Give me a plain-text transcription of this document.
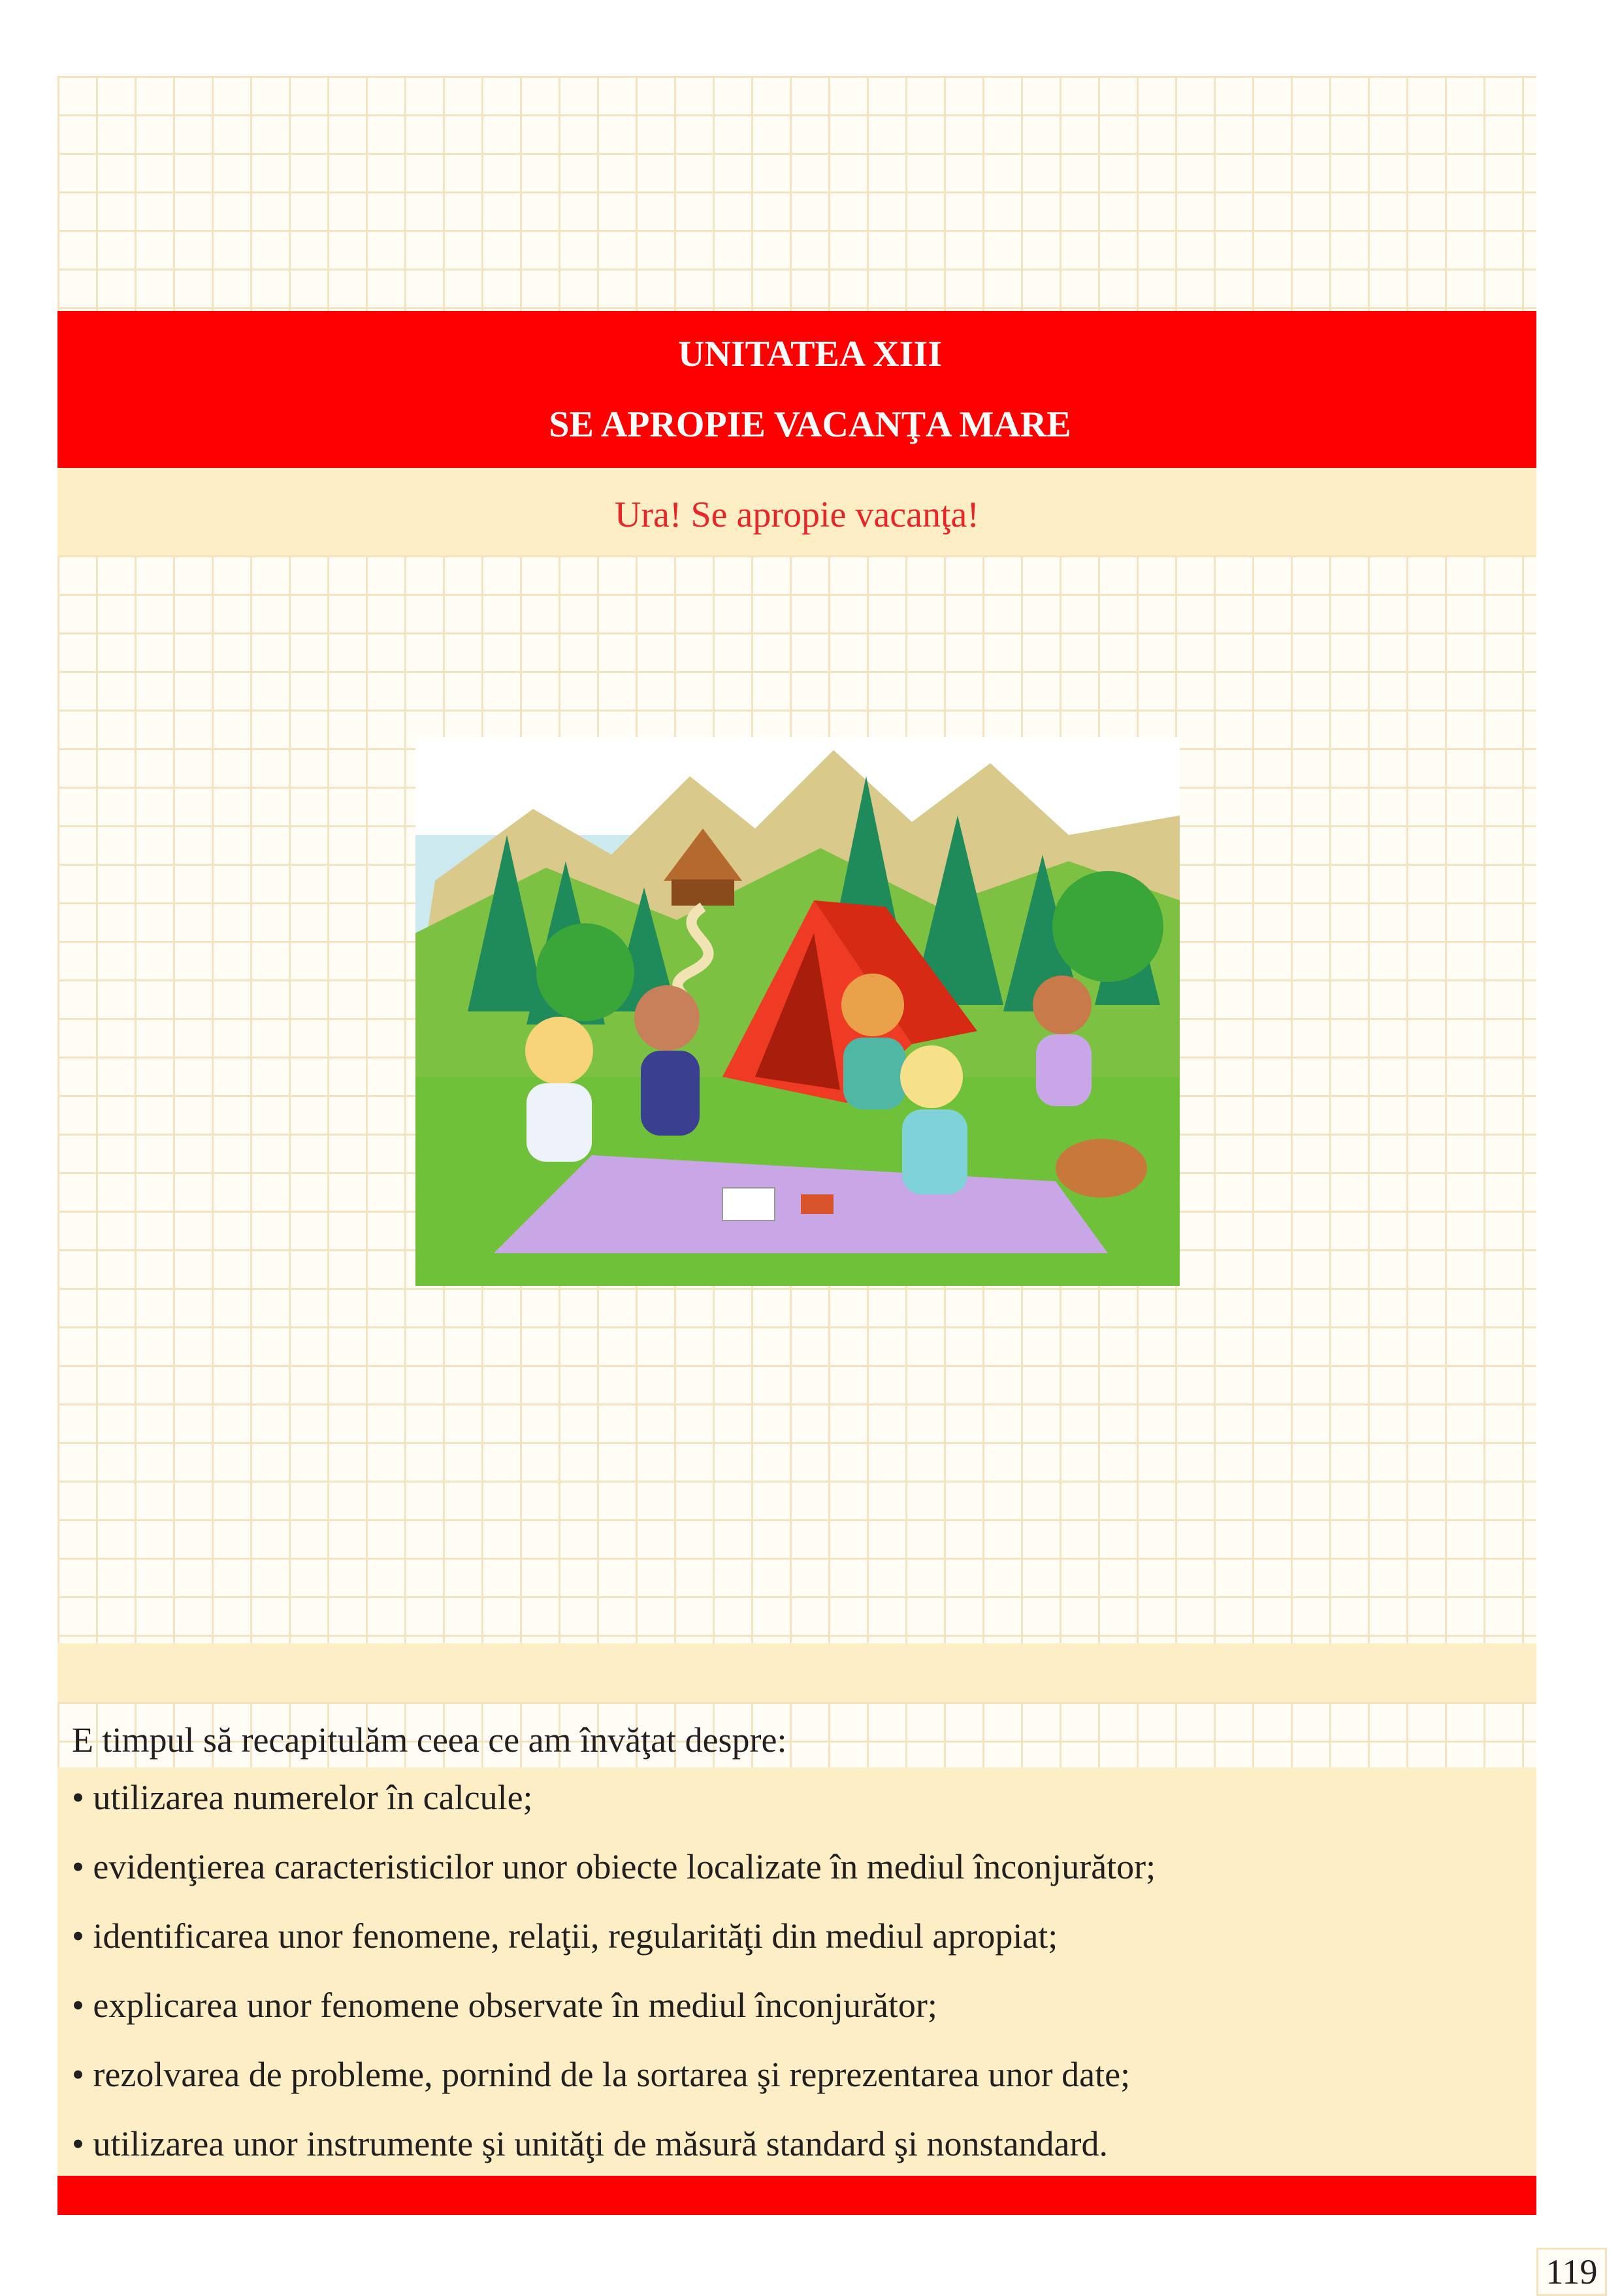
UNITATEA XIII
SE APROPIE VACANŢA MARE
Ura! Se apropie vacanţa!
E timpul să recapitulăm ceea ce am învăţat despre:
• utilizarea numerelor în calcule;
• evidenţierea caracteristicilor unor obiecte localizate în mediul înconjurător;
• identificarea unor fenomene, relaţii, regularităţi din mediul apropiat;
• explicarea unor fenomene observate în mediul înconjurător;
• rezolvarea de probleme, pornind de la sortarea şi reprezentarea unor date;
• utilizarea unor instrumente şi unităţi de măsură standard şi nonstandard.
119
